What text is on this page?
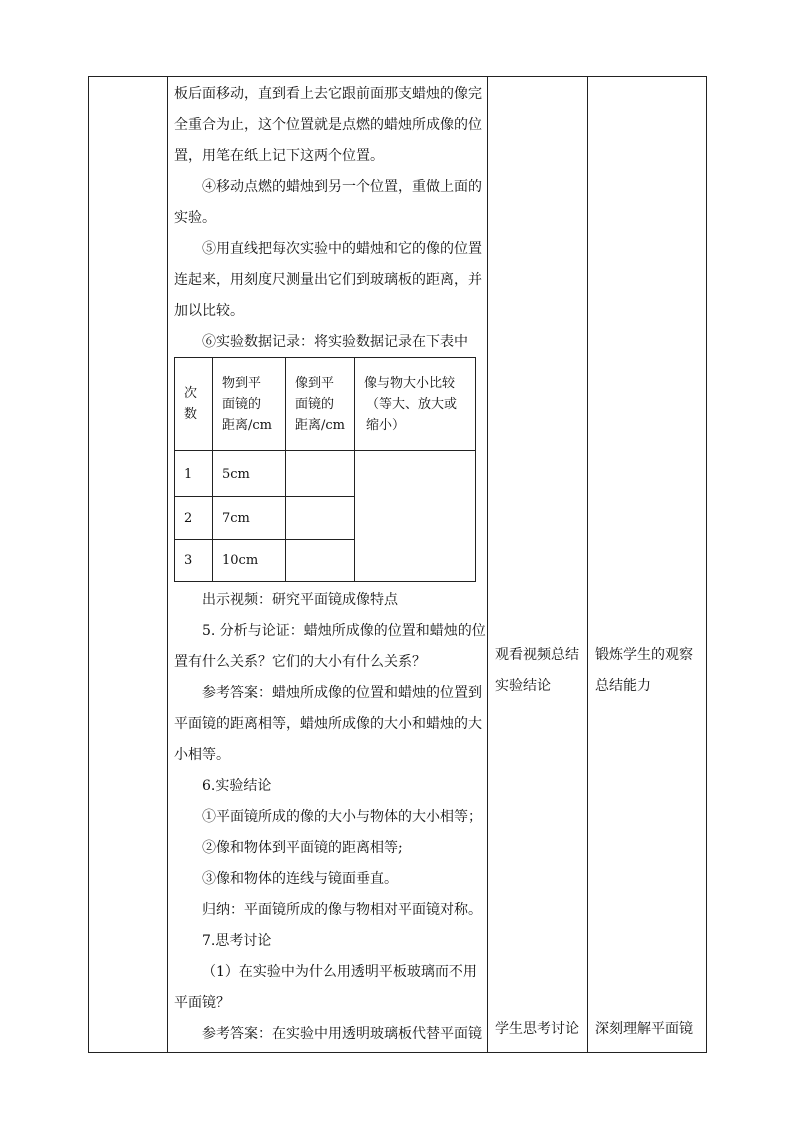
板后面移动，直到看上去它跟前面那支蜡烛的像完
全重合为止，这个位置就是点燃的蜡烛所成像的位
置，用笔在纸上记下这两个位置。
④移动点燃的蜡烛到另一个位置，重做上面的
实验。
⑤用直线把每次实验中的蜡烛和它的像的位置
连起来，用刻度尺测量出它们到玻璃板的距离，并
加以比较。
⑥实验数据记录：将实验数据记录在下表中
次
数
物到平
面镜的
距离/cm
像到平
面镜的
距离/cm
像与物大小比较
（等大、放大或
缩小）
1 5cm
2 7cm
3 10cm
出示视频：研究平面镜成像特点
5. 分析与论证：蜡烛所成像的位置和蜡烛的位
置有什么关系？它们的大小有什么关系？
参考答案：蜡烛所成像的位置和蜡烛的位置到
平面镜的距离相等，蜡烛所成像的大小和蜡烛的大
小相等。
6.实验结论
①平面镜所成的像的大小与物体的大小相等；
②像和物体到平面镜的距离相等;
③像和物体的连线与镜面垂直。
归纳：平面镜所成的像与物相对平面镜对称。
7.思考讨论
（1）在实验中为什么用透明平板玻璃而不用
平面镜？
参考答案：在实验中用透明玻璃板代替平面镜
观看视频总结
实验结论
学生思考讨论
锻炼学生的观察
总结能力
深刻理解平面镜
